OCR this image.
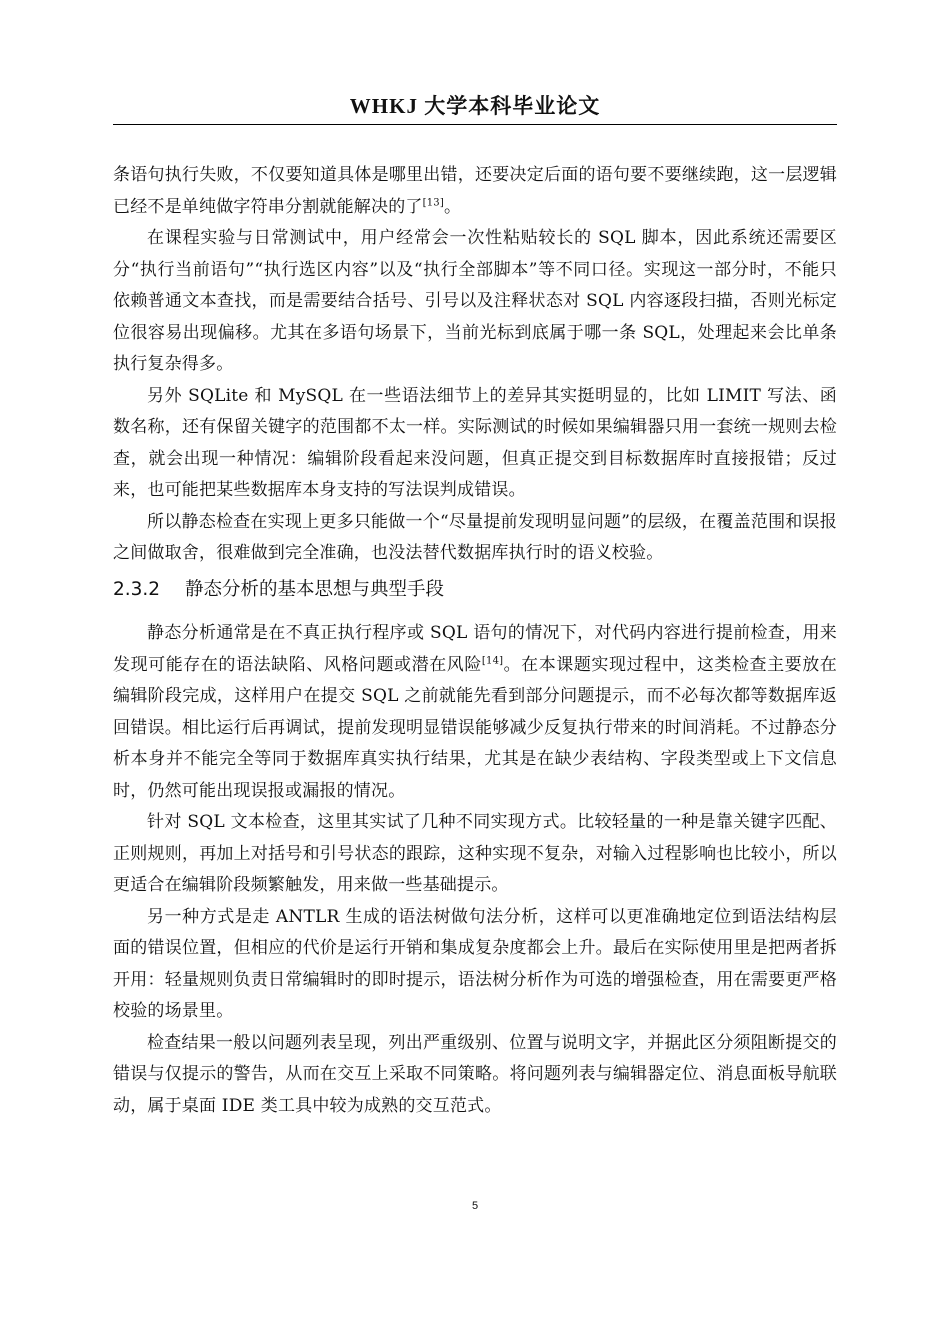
WHKJ 大学本科毕业论文

条语句执行失败，不仅要知道具体是哪里出错，还要决定后面的语句要不要继续跑，这一层逻辑已经不是单纯做字符串分割就能解决的了[13]。

在课程实验与日常测试中，用户经常会一次性粘贴较长的 SQL 脚本，因此系统还需要区分“执行当前语句”“执行选区内容”以及“执行全部脚本”等不同口径。实现这一部分时，不能只依赖普通文本查找，而是需要结合括号、引号以及注释状态对 SQL 内容逐段扫描，否则光标定位很容易出现偏移。尤其在多语句场景下，当前光标到底属于哪一条 SQL，处理起来会比单条执行复杂得多。

另外 SQLite 和 MySQL 在一些语法细节上的差异其实挺明显的，比如 LIMIT 写法、函数名称，还有保留关键字的范围都不太一样。实际测试的时候如果编辑器只用一套统一规则去检查，就会出现一种情况：编辑阶段看起来没问题，但真正提交到目标数据库时直接报错；反过来，也可能把某些数据库本身支持的写法误判成错误。

所以静态检查在实现上更多只能做一个“尽量提前发现明显问题”的层级，在覆盖范围和误报之间做取舍，很难做到完全准确，也没法替代数据库执行时的语义校验。

2.3.2 静态分析的基本思想与典型手段

静态分析通常是在不真正执行程序或 SQL 语句的情况下，对代码内容进行提前检查，用来发现可能存在的语法缺陷、风格问题或潜在风险[14]。在本课题实现过程中，这类检查主要放在编辑阶段完成，这样用户在提交 SQL 之前就能先看到部分问题提示，而不必每次都等数据库返回错误。相比运行后再调试，提前发现明显错误能够减少反复执行带来的时间消耗。不过静态分析本身并不能完全等同于数据库真实执行结果，尤其是在缺少表结构、字段类型或上下文信息时，仍然可能出现误报或漏报的情况。

针对 SQL 文本检查，这里其实试了几种不同实现方式。比较轻量的一种是靠关键字匹配、正则规则，再加上对括号和引号状态的跟踪，这种实现不复杂，对输入过程影响也比较小，所以更适合在编辑阶段频繁触发，用来做一些基础提示。

另一种方式是走 ANTLR 生成的语法树做句法分析，这样可以更准确地定位到语法结构层面的错误位置，但相应的代价是运行开销和集成复杂度都会上升。最后在实际使用里是把两者拆开用：轻量规则负责日常编辑时的即时提示，语法树分析作为可选的增强检查，用在需要更严格校验的场景里。

检查结果一般以问题列表呈现，列出严重级别、位置与说明文字，并据此区分须阻断提交的错误与仅提示的警告，从而在交互上采取不同策略。将问题列表与编辑器定位、消息面板导航联动，属于桌面 IDE 类工具中较为成熟的交互范式。

5
